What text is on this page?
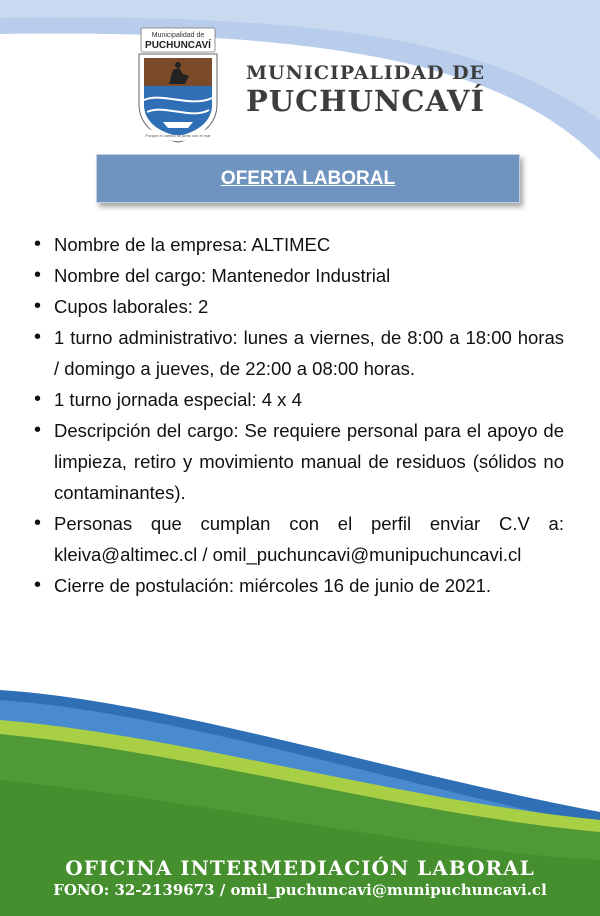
Municipalidad de
PUCHUNCAVÍ
Porque el campo se junta con el mar
MUNICIPALIDAD DE
PUCHUNCAVÍ
OFERTA LABORAL
• Nombre de la empresa: ALTIMEC
• Nombre del cargo: Mantenedor Industrial
• Cupos laborales: 2
• 1 turno administrativo: lunes a viernes, de 8:00 a 18:00 horas / domingo a jueves, de 22:00 a 08:00 horas.
• 1 turno jornada especial: 4 x 4
• Descripción del cargo: Se requiere personal para el apoyo de limpieza, retiro y movimiento manual de residuos (sólidos no contaminantes).
• Personas que cumplan con el perfil enviar C.V a: kleiva@altimec.cl / omil_puchuncavi@munipuchuncavi.cl
• Cierre de postulación: miércoles 16 de junio de 2021.
OFICINA INTERMEDIACIÓN LABORAL
FONO: 32-2139673 / omil_puchuncavi@munipuchuncavi.cl
